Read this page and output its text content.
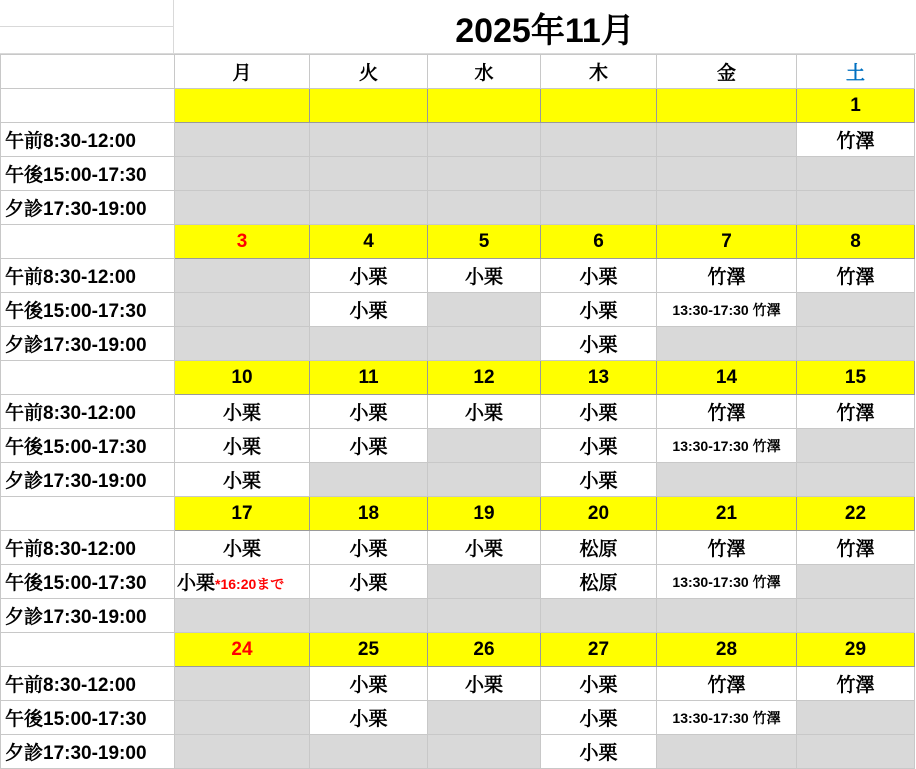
2025年11月
	月	火	水	木	金	土
						1
午前8:30-12:00						竹澤
午後15:00-17:30						
夕診17:30-19:00						
	3	4	5	6	7	8
午前8:30-12:00		小栗	小栗	小栗	竹澤	竹澤
午後15:00-17:30		小栗		小栗	13:30-17:30 竹澤	
夕診17:30-19:00				小栗		
	10	11	12	13	14	15
午前8:30-12:00	小栗	小栗	小栗	小栗	竹澤	竹澤
午後15:00-17:30	小栗	小栗		小栗	13:30-17:30 竹澤	
夕診17:30-19:00	小栗			小栗		
	17	18	19	20	21	22
午前8:30-12:00	小栗	小栗	小栗	松原	竹澤	竹澤
午後15:00-17:30	小栗*16:20まで	小栗		松原	13:30-17:30 竹澤	
夕診17:30-19:00						
	24	25	26	27	28	29
午前8:30-12:00		小栗	小栗	小栗	竹澤	竹澤
午後15:00-17:30		小栗		小栗	13:30-17:30 竹澤	
夕診17:30-19:00				小栗		
